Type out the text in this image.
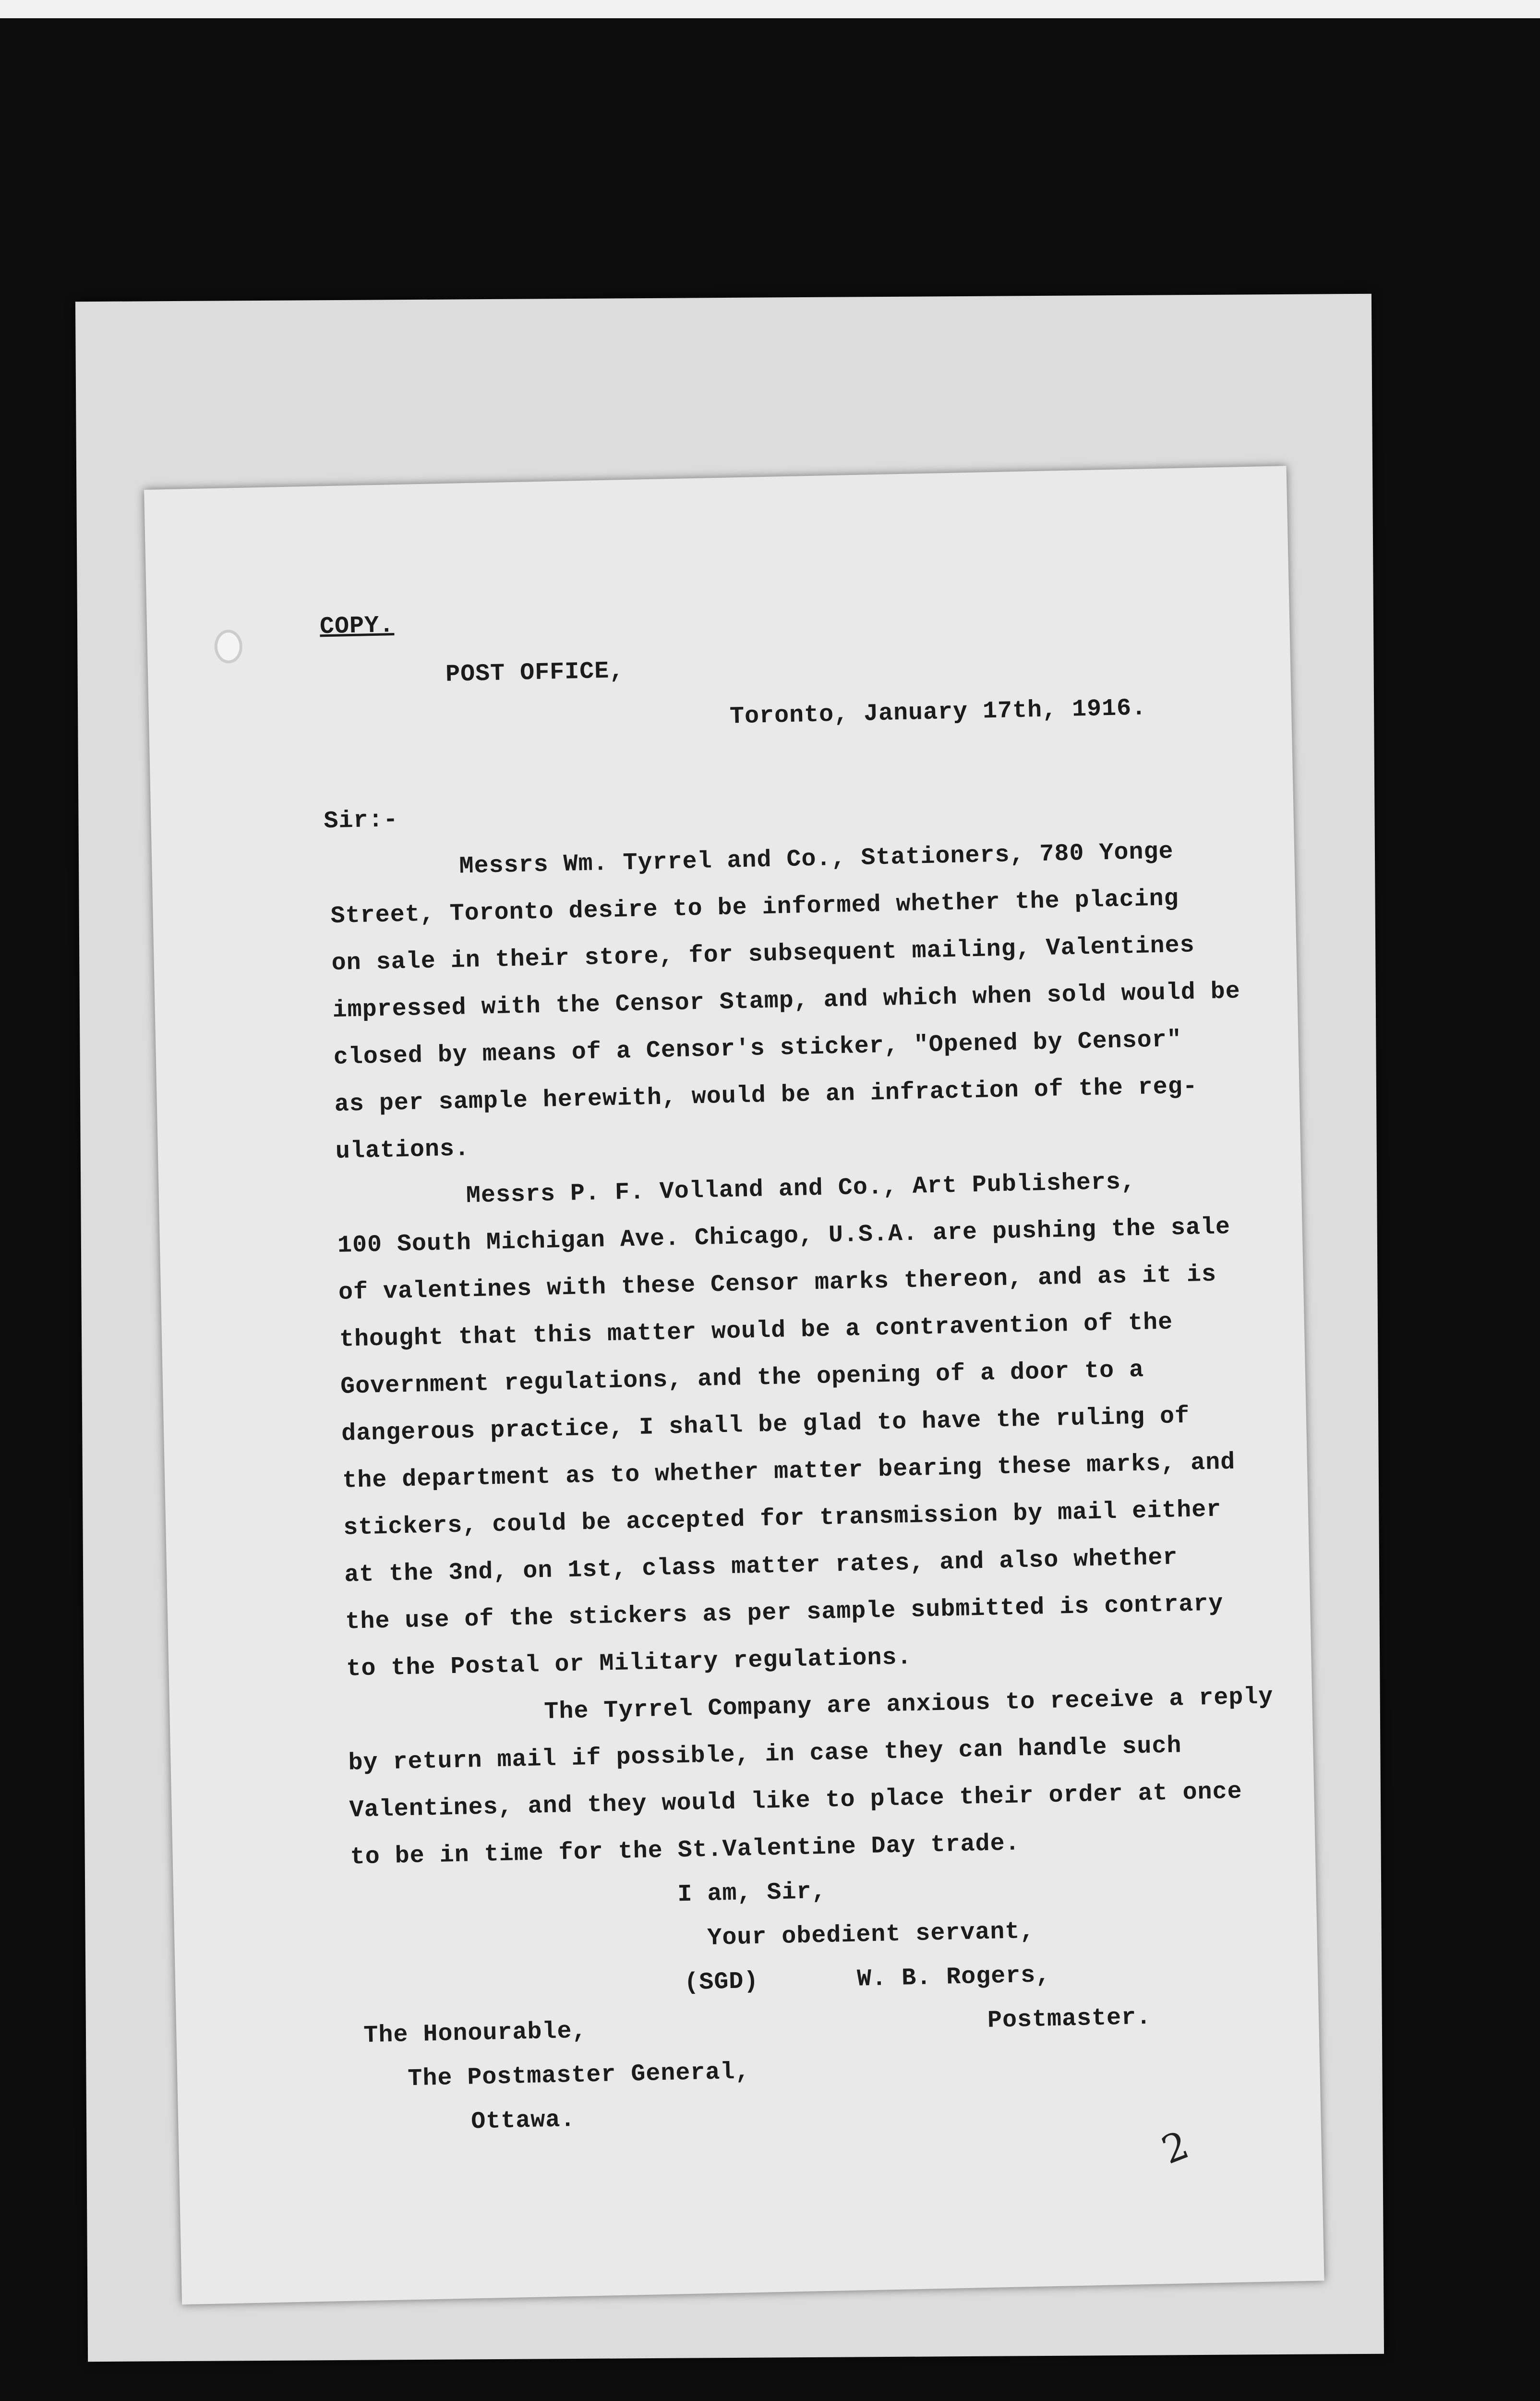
COPY.
POST OFFICE,
Toronto, January 17th, 1916.
Sir:-
Messrs Wm. Tyrrel and Co., Stationers, 780 Yonge
Street, Toronto desire to be informed whether the placing
on sale in their store, for subsequent mailing, Valentines
impressed with the Censor Stamp, and which when sold would be
closed by means of a Censor's sticker, "Opened by Censor"
as per sample herewith, would be an infraction of the reg-
ulations.
Messrs P. F. Volland and Co., Art Publishers,
100 South Michigan Ave. Chicago, U.S.A. are pushing the sale
of valentines with these Censor marks thereon, and as it is
thought that this matter would be a contravention of the
Government regulations, and the opening of a door to a
dangerous practice, I shall be glad to have the ruling of
the department as to whether matter bearing these marks, and
stickers, could be accepted for transmission by mail either
at the 3nd, on 1st, class matter rates, and also whether
the use of the stickers as per sample submitted is contrary
to the Postal or Military regulations.
The Tyrrel Company are anxious to receive a reply
by return mail if possible, in case they can handle such
Valentines, and they would like to place their order at once
to be in time for the St.Valentine Day trade.
I am, Sir,
Your obedient servant,
(SGD)	W. B. Rogers,
Postmaster.
The Honourable,
The Postmaster General,
Ottawa.
2
